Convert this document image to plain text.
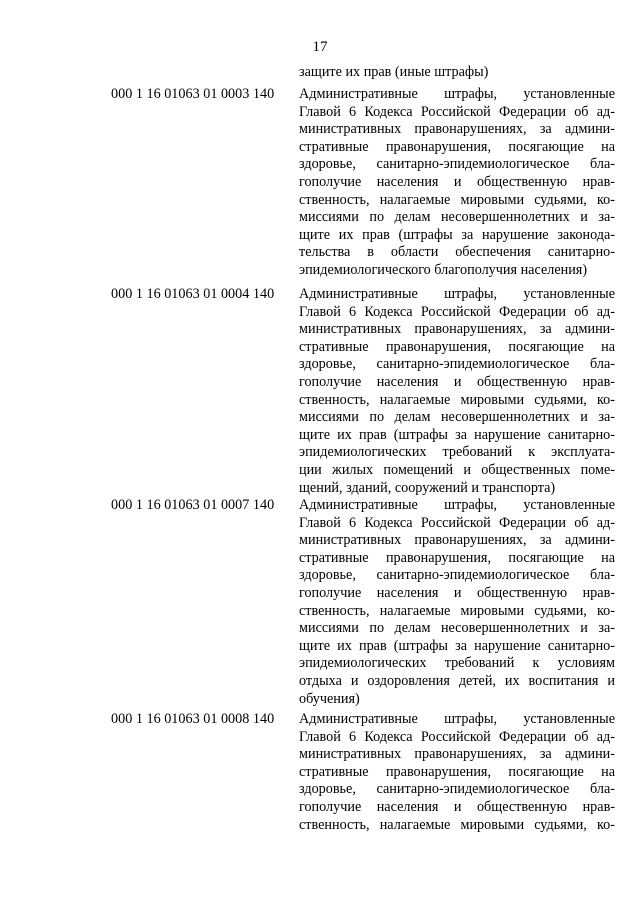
17
защите их прав (иные штрафы)
000 1 16 01063 01 0003 140	Административные штрафы, установленные
Главой 6 Кодекса Российской Федерации об ад-
министративных правонарушениях, за админи-
стративные правонарушения, посягающие на
здоровье, санитарно-эпидемиологическое бла-
гополучие населения и общественную нрав-
ственность, налагаемые мировыми судьями, ко-
миссиями по делам несовершеннолетних и за-
щите их прав (штрафы за нарушение законода-
тельства в области обеспечения санитарно-
эпидемиологического благополучия населения)
000 1 16 01063 01 0004 140	Административные штрафы, установленные
Главой 6 Кодекса Российской Федерации об ад-
министративных правонарушениях, за админи-
стративные правонарушения, посягающие на
здоровье, санитарно-эпидемиологическое бла-
гополучие населения и общественную нрав-
ственность, налагаемые мировыми судьями, ко-
миссиями по делам несовершеннолетних и за-
щите их прав (штрафы за нарушение санитарно-
эпидемиологических требований к эксплуата-
ции жилых помещений и общественных поме-
щений, зданий, сооружений и транспорта)
000 1 16 01063 01 0007 140	Административные штрафы, установленные
Главой 6 Кодекса Российской Федерации об ад-
министративных правонарушениях, за админи-
стративные правонарушения, посягающие на
здоровье, санитарно-эпидемиологическое бла-
гополучие населения и общественную нрав-
ственность, налагаемые мировыми судьями, ко-
миссиями по делам несовершеннолетних и за-
щите их прав (штрафы за нарушение санитарно-
эпидемиологических требований к условиям
отдыха и оздоровления детей, их воспитания и
обучения)
000 1 16 01063 01 0008 140	Административные штрафы, установленные
Главой 6 Кодекса Российской Федерации об ад-
министративных правонарушениях, за админи-
стративные правонарушения, посягающие на
здоровье, санитарно-эпидемиологическое бла-
гополучие населения и общественную нрав-
ственность, налагаемые мировыми судьями, ко-
